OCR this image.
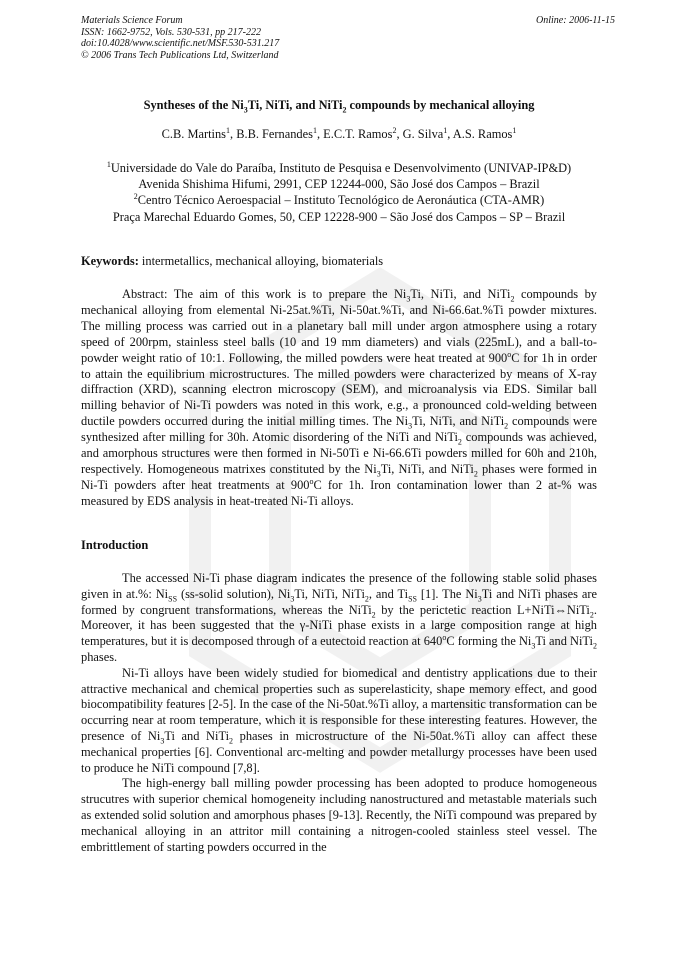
Materials Science Forum
ISSN: 1662-9752, Vols. 530-531, pp 217-222
doi:10.4028/www.scientific.net/MSF.530-531.217
© 2006 Trans Tech Publications Ltd, Switzerland
Online: 2006-11-15
Syntheses of the $Ni_3Ti$, NiTi, and NiTi$_2$ compounds by mechanical alloying
C.B. Martins$^1$, B.B. Fernandes$^1$, E.C.T. Ramos$^2$, G. Silva$^1$, A.S. Ramos$^1$
$^1$Universidade do Vale do Paraíba, Instituto de Pesquisa e Desenvolvimento (UNIVAP-IP&D)
Avenida Shishima Hifumi, 2991, CEP 12244-000, São José dos Campos – Brazil
$^2$Centro Técnico Aeroespacial – Instituto Tecnológico de Aeronáutica (CTA-AMR)
Praça Marechal Eduardo Gomes, 50, CEP 12228-900 – São José dos Campos – SP – Brazil
Keywords: intermetallics, mechanical alloying, biomaterials

Abstract: The aim of this work is to prepare the $Ni_3Ti$, NiTi, and NiTi$_2$ compounds by mechanical alloying from elemental Ni-25at.%Ti, Ni-50at.%Ti, and Ni-66.6at.%Ti powder mixtures. The milling process was carried out in a planetary ball mill under argon atmosphere using a rotary speed of 200rpm, stainless steel balls (10 and 19 mm diameters) and vials (225mL), and a ball-to-powder weight ratio of 10:1. Following, the milled powders were heat treated at 900$^o$C for 1h in order to attain the equilibrium microstructures. The milled powders were characterized by means of X-ray diffraction (XRD), scanning electron microscopy (SEM), and microanalysis via EDS. Similar ball milling behavior of Ni-Ti powders was noted in this work, e.g., a pronounced cold-welding between ductile powders occurred during the initial milling times. The $Ni_3Ti$, NiTi, and NiTi$_2$ compounds were synthesized after milling for 30h. Atomic disordering of the NiTi and NiTi$_2$ compounds was achieved, and amorphous structures were then formed in Ni-50Ti e Ni-66.6Ti powders milled for 60h and 210h, respectively. Homogeneous matrixes constituted by the $Ni_3Ti$, NiTi, and NiTi$_2$ phases were formed in Ni-Ti powders after heat treatments at 900$^o$C for 1h. Iron contamination lower than 2 at-% was measured by EDS analysis in heat-treated Ni-Ti alloys.

Introduction

The accessed Ni-Ti phase diagram indicates the presence of the following stable solid phases given in at.%: $Ni_{SS}$ (ss-solid solution), $Ni_3Ti$, NiTi, NiTi$_2$, and $Ti_{SS}$ [1]. The $Ni_3Ti$ and NiTi phases are formed by congruent transformations, whereas the NiTi$_2$ by the perictetic reaction L+NiTi⇔NiTi$_2$. Moreover, it has been suggested that the γ-NiTi phase exists in a large composition range at high temperatures, but it is decomposed through of a eutectoid reaction at 640$^o$C forming the $Ni_3Ti$ and NiTi$_2$ phases.

Ni-Ti alloys have been widely studied for biomedical and dentistry applications due to their attractive mechanical and chemical properties such as superelasticity, shape memory effect, and good biocompatibility features [2-5]. In the case of the Ni-50at.%Ti alloy, a martensitic transformation can be occurring near at room temperature, which it is responsible for these interesting features. However, the presence of $Ni_3Ti$ and NiTi$_2$ phases in microstructure of the Ni-50at.%Ti alloy can affect these mechanical properties [6]. Conventional arc-melting and powder metallurgy processes have been used to produce he NiTi compound [7,8].

The high-energy ball milling powder processing has been adopted to produce homogeneous strucutres with superior chemical homogeneity including nanostructured and metastable materials such as extended solid solution and amorphous phases [9-13]. Recently, the NiTi compound was prepared by mechanical alloying in an attritor mill containing a nitrogen-cooled stainless steel vessel. The embrittlement of starting powders occurred in the
